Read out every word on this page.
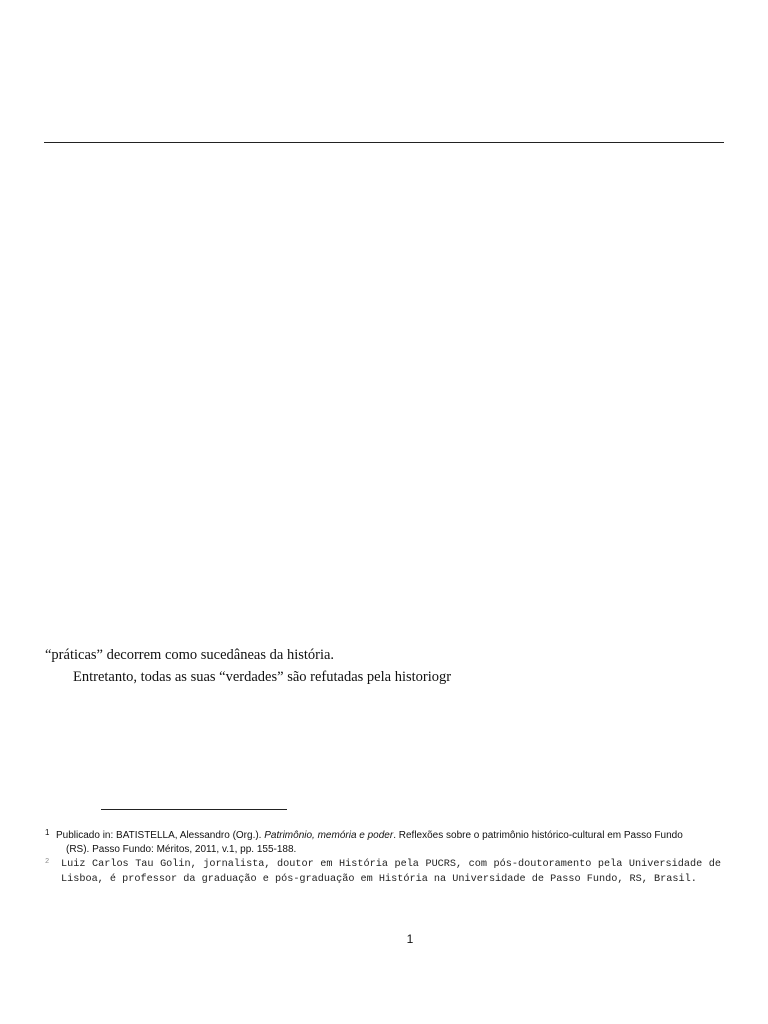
“práticas” decorrem como sucedâneas da história.
Entretanto, todas as suas “verdades” são refutadas pela historiogr
1 Publicado in: BATISTELLA, Alessandro (Org.). Patrimônio, memória e poder. Reflexões sobre o patrimônio histórico-cultural em Passo Fundo
(RS). Passo Fundo: Méritos, 2011, v.1, pp. 155-188.
2 Luiz Carlos Tau Golin, jornalista, doutor em História pela PUCRS, com pós-doutoramento pela Universidade de Lisboa, é professor da graduação e pós-graduação em História na Universidade de Passo Fundo, RS, Brasil.
1
